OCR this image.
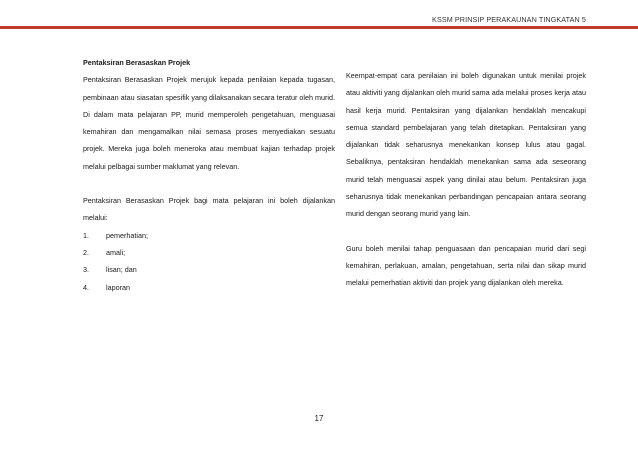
KSSM PRINSIP PERAKAUNAN TINGKATAN 5
Pentaksiran Berasaskan Projek

Pentaksiran Berasaskan Projek merujuk kepada penilaian kepada tugasan, pembinaan atau siasatan spesifik yang dilaksanakan secara teratur oleh murid. Di dalam mata pelajaran PP, murid memperoleh pengetahuan, menguasai kemahiran dan mengamalkan nilai semasa proses menyediakan sesuatu projek. Mereka juga boleh meneroka atau membuat kajian terhadap projek melalui pelbagai sumber maklumat yang relevan.

Pentaksiran Berasaskan Projek bagi mata pelajaran ini boleh dijalankan melalui:

1.	pemerhatian;
2.	amali;
3.	lisan; dan
4.	laporan

Keempat-empat cara penilaian ini boleh digunakan untuk menilai projek atau aktiviti yang dijalankan oleh murid sama ada melalui proses kerja atau hasil kerja murid. Pentaksiran yang dijalankan hendaklah mencakupi semua standard pembelajaran yang telah ditetapkan. Pentaksiran yang dijalankan tidak seharusnya menekankan konsep lulus atau gagal. Sebaliknya, pentaksiran hendaklah menekankan sama ada seseorang murid telah menguasai aspek yang dinilai atau belum. Pentaksiran juga seharusnya tidak menekankan perbandingan pencapaian antara seorang murid dengan seorang murid yang lain.

Guru boleh menilai tahap penguasaan dan pencapaian murid dari segi kemahiran, perlakuan, amalan, pengetahuan, serta nilai dan sikap murid melalui pemerhatian aktiviti dan projek yang dijalankan oleh mereka.

17
